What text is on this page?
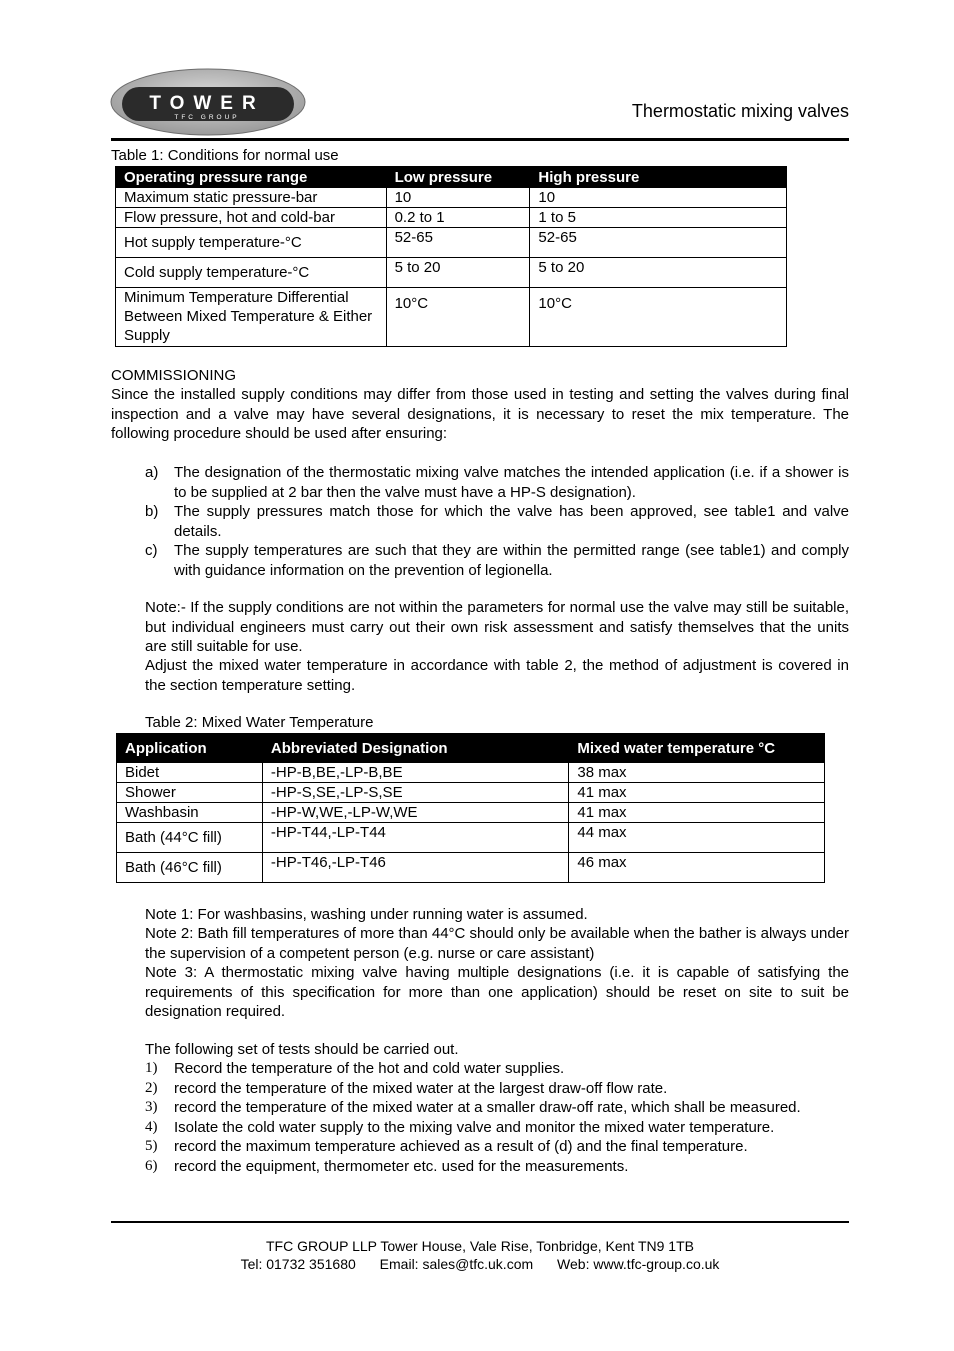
TOWER
TFC GROUP	Thermostatic mixing valves
Table 1: Conditions for normal use
Operating pressure range	Low pressure	High pressure
Maximum static pressure-bar	10	10
Flow pressure, hot and cold-bar	0.2 to 1	1 to 5
Hot supply temperature-°C	52-65	52-65
Cold supply temperature-°C	5 to 20	5 to 20
Minimum Temperature Differential Between Mixed Temperature & Either Supply	10°C	10°C

COMMISSIONING

Since the installed supply conditions may differ from those used in testing and setting the valves during final inspection and a valve may have several designations, it is necessary to reset the mix temperature. The following procedure should be used after ensuring:

a) The designation of the thermostatic mixing valve matches the intended application (i.e. if a shower is to be supplied at 2 bar then the valve must have a HP-S designation).
b) The supply pressures match those for which the valve has been approved, see table1 and valve details.
c) The supply temperatures are such that they are within the permitted range (see table1) and comply with guidance information on the prevention of legionella.

Note:- If the supply conditions are not within the parameters for normal use the valve may still be suitable, but individual engineers must carry out their own risk assessment and satisfy themselves that the units are still suitable for use.

Adjust the mixed water temperature in accordance with table 2, the method of adjustment is covered in the section temperature setting.

Table 2: Mixed Water Temperature
Application	Abbreviated Designation	Mixed water temperature °C
Bidet	-HP-B,BE,-LP-B,BE	38 max
Shower	-HP-S,SE,-LP-S,SE	41 max
Washbasin	-HP-W,WE,-LP-W,WE	41 max
Bath (44°C fill)	-HP-T44,-LP-T44	44 max
Bath (46°C fill)	-HP-T46,-LP-T46	46 max

Note 1: For washbasins, washing under running water is assumed.

Note 2: Bath fill temperatures of more than 44°C should only be available when the bather is always under the supervision of a competent person (e.g. nurse or care assistant)

Note 3: A thermostatic mixing valve having multiple designations (i.e. it is capable of satisfying the requirements of this specification for more than one application) should be reset on site to suit be designation required.

The following set of tests should be carried out.

1) Record the temperature of the hot and cold water supplies.
2) record the temperature of the mixed water at the largest draw-off flow rate.
3) record the temperature of the mixed water at a smaller draw-off rate, which shall be measured.
4) Isolate the cold water supply to the mixing valve and monitor the mixed water temperature.
5) record the maximum temperature achieved as a result of (d) and the final temperature.
6) record the equipment, thermometer etc. used for the measurements.
TFC GROUP LLP Tower House, Vale Rise, Tonbridge, Kent TN9 1TB
Tel: 01732 351680 Email: sales@tfc.uk.com Web: www.tfc-group.co.uk
